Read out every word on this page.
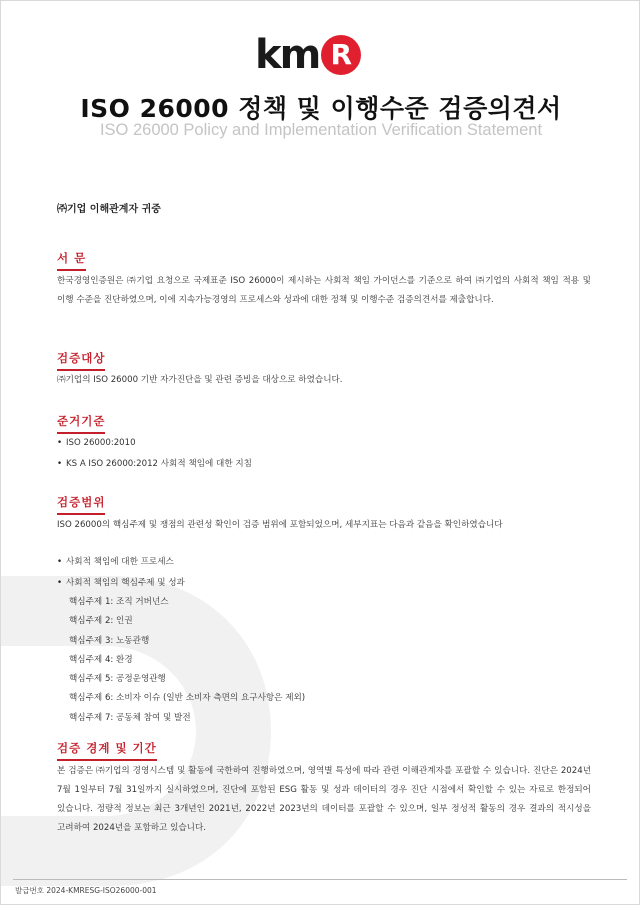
km R
ISO 26000 정책 및 이행수준 검증의견서
ISO 26000 Policy and Implementation Verification Statement
㈜기업 이해관계자 귀중
서 문
한국경영인증원은 ㈜기업 요청으로 국제표준 ISO 26000이 제시하는 사회적 책임 가이던스를 기준으로 하여 ㈜기업의 사회적 책임 적용 및 이행 수준을 진단하였으며, 이에 지속가능경영의 프로세스와 성과에 대한 정책 및 이행수준 검증의견서를 제출합니다.
검증대상
㈜기업의 ISO 26000 기반 자가진단을 및 관련 증빙을 대상으로 하였습니다.
준거기준
• ISO 26000:2010
• KS A ISO 26000:2012 사회적 책임에 대한 지침
검증범위
ISO 26000의 핵심주제 및 쟁점의 관련성 확인이 검증 범위에 포함되었으며, 세부지표는 다음과 같음을 확인하였습니다
• 사회적 책임에 대한 프로세스
• 사회적 책임의 핵심주제 및 성과
핵심주제 1: 조직 거버넌스
핵심주제 2: 인권
핵심주제 3: 노동관행
핵심주제 4: 환경
핵심주제 5: 공정운영관행
핵심주제 6: 소비자 이슈 (일반 소비자 측면의 요구사항은 제외)
핵심주제 7: 공동체 참여 및 발전
검증 경계 및 기간
본 검증은 ㈜기업의 경영시스템 및 활동에 국한하여 진행하였으며, 영역별 특성에 따라 관련 이해관계자를 포괄할 수 있습니다. 진단은 2024년 7월 1일부터 7월 31일까지 실시하였으며, 진단에 포함된 ESG 활동 및 성과 데이터의 경우 진단 시점에서 확인할 수 있는 자료로 한정되어 있습니다. 정량적 정보는 최근 3개년인 2021년, 2022년 2023년의 데이터를 포괄할 수 있으며, 일부 정성적 활동의 경우 결과의 적시성을 고려하여 2024년을 포함하고 있습니다.
발급번호 2024-KMRESG-ISO26000-001
